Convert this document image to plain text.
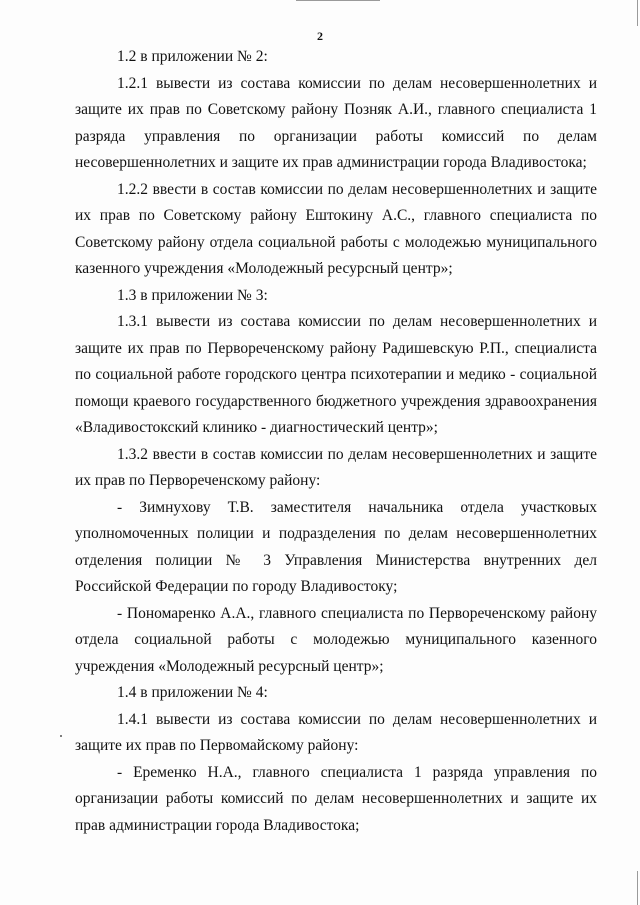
2

1.2 в приложении № 2:

1.2.1 вывести из состава комиссии по делам несовершеннолетних и защите их прав по Советскому району Позняк А.И., главного специалиста 1 разряда управления по организации работы комиссий по делам несовершеннолетних и защите их прав администрации города Владивостока;

1.2.2 ввести в состав комиссии по делам несовершеннолетних и защите их прав по Советскому району Ештокину А.С., главного специалиста по Советскому району отдела социальной работы с молодежью муниципального казенного учреждения «Молодежный ресурсный центр»;

1.3 в приложении № 3:

1.3.1 вывести из состава комиссии по делам несовершеннолетних и защите их прав по Первореченскому району Радишевскую Р.П., специалиста по социальной работе городского центра психотерапии и медико - социальной помощи краевого государственного бюджетного учреждения здравоохранения «Владивостокский клинико - диагностический центр»;

1.3.2 ввести в состав комиссии по делам несовершеннолетних и защите их прав по Первореченскому району:

- Зимнухову Т.В. заместителя начальника отдела участковых уполномоченных полиции и подразделения по делам несовершеннолетних отделения полиции № 3 Управления Министерства внутренних дел Российской Федерации по городу Владивостоку;

- Пономаренко А.А., главного специалиста по Первореченскому району отдела социальной работы с молодежью муниципального казенного учреждения «Молодежный ресурсный центр»;

1.4 в приложении № 4:

1.4.1 вывести из состава комиссии по делам несовершеннолетних и защите их прав по Первомайскому району:

- Еременко Н.А., главного специалиста 1 разряда управления по организации работы комиссий по делам несовершеннолетних и защите их прав администрации города Владивостока;
